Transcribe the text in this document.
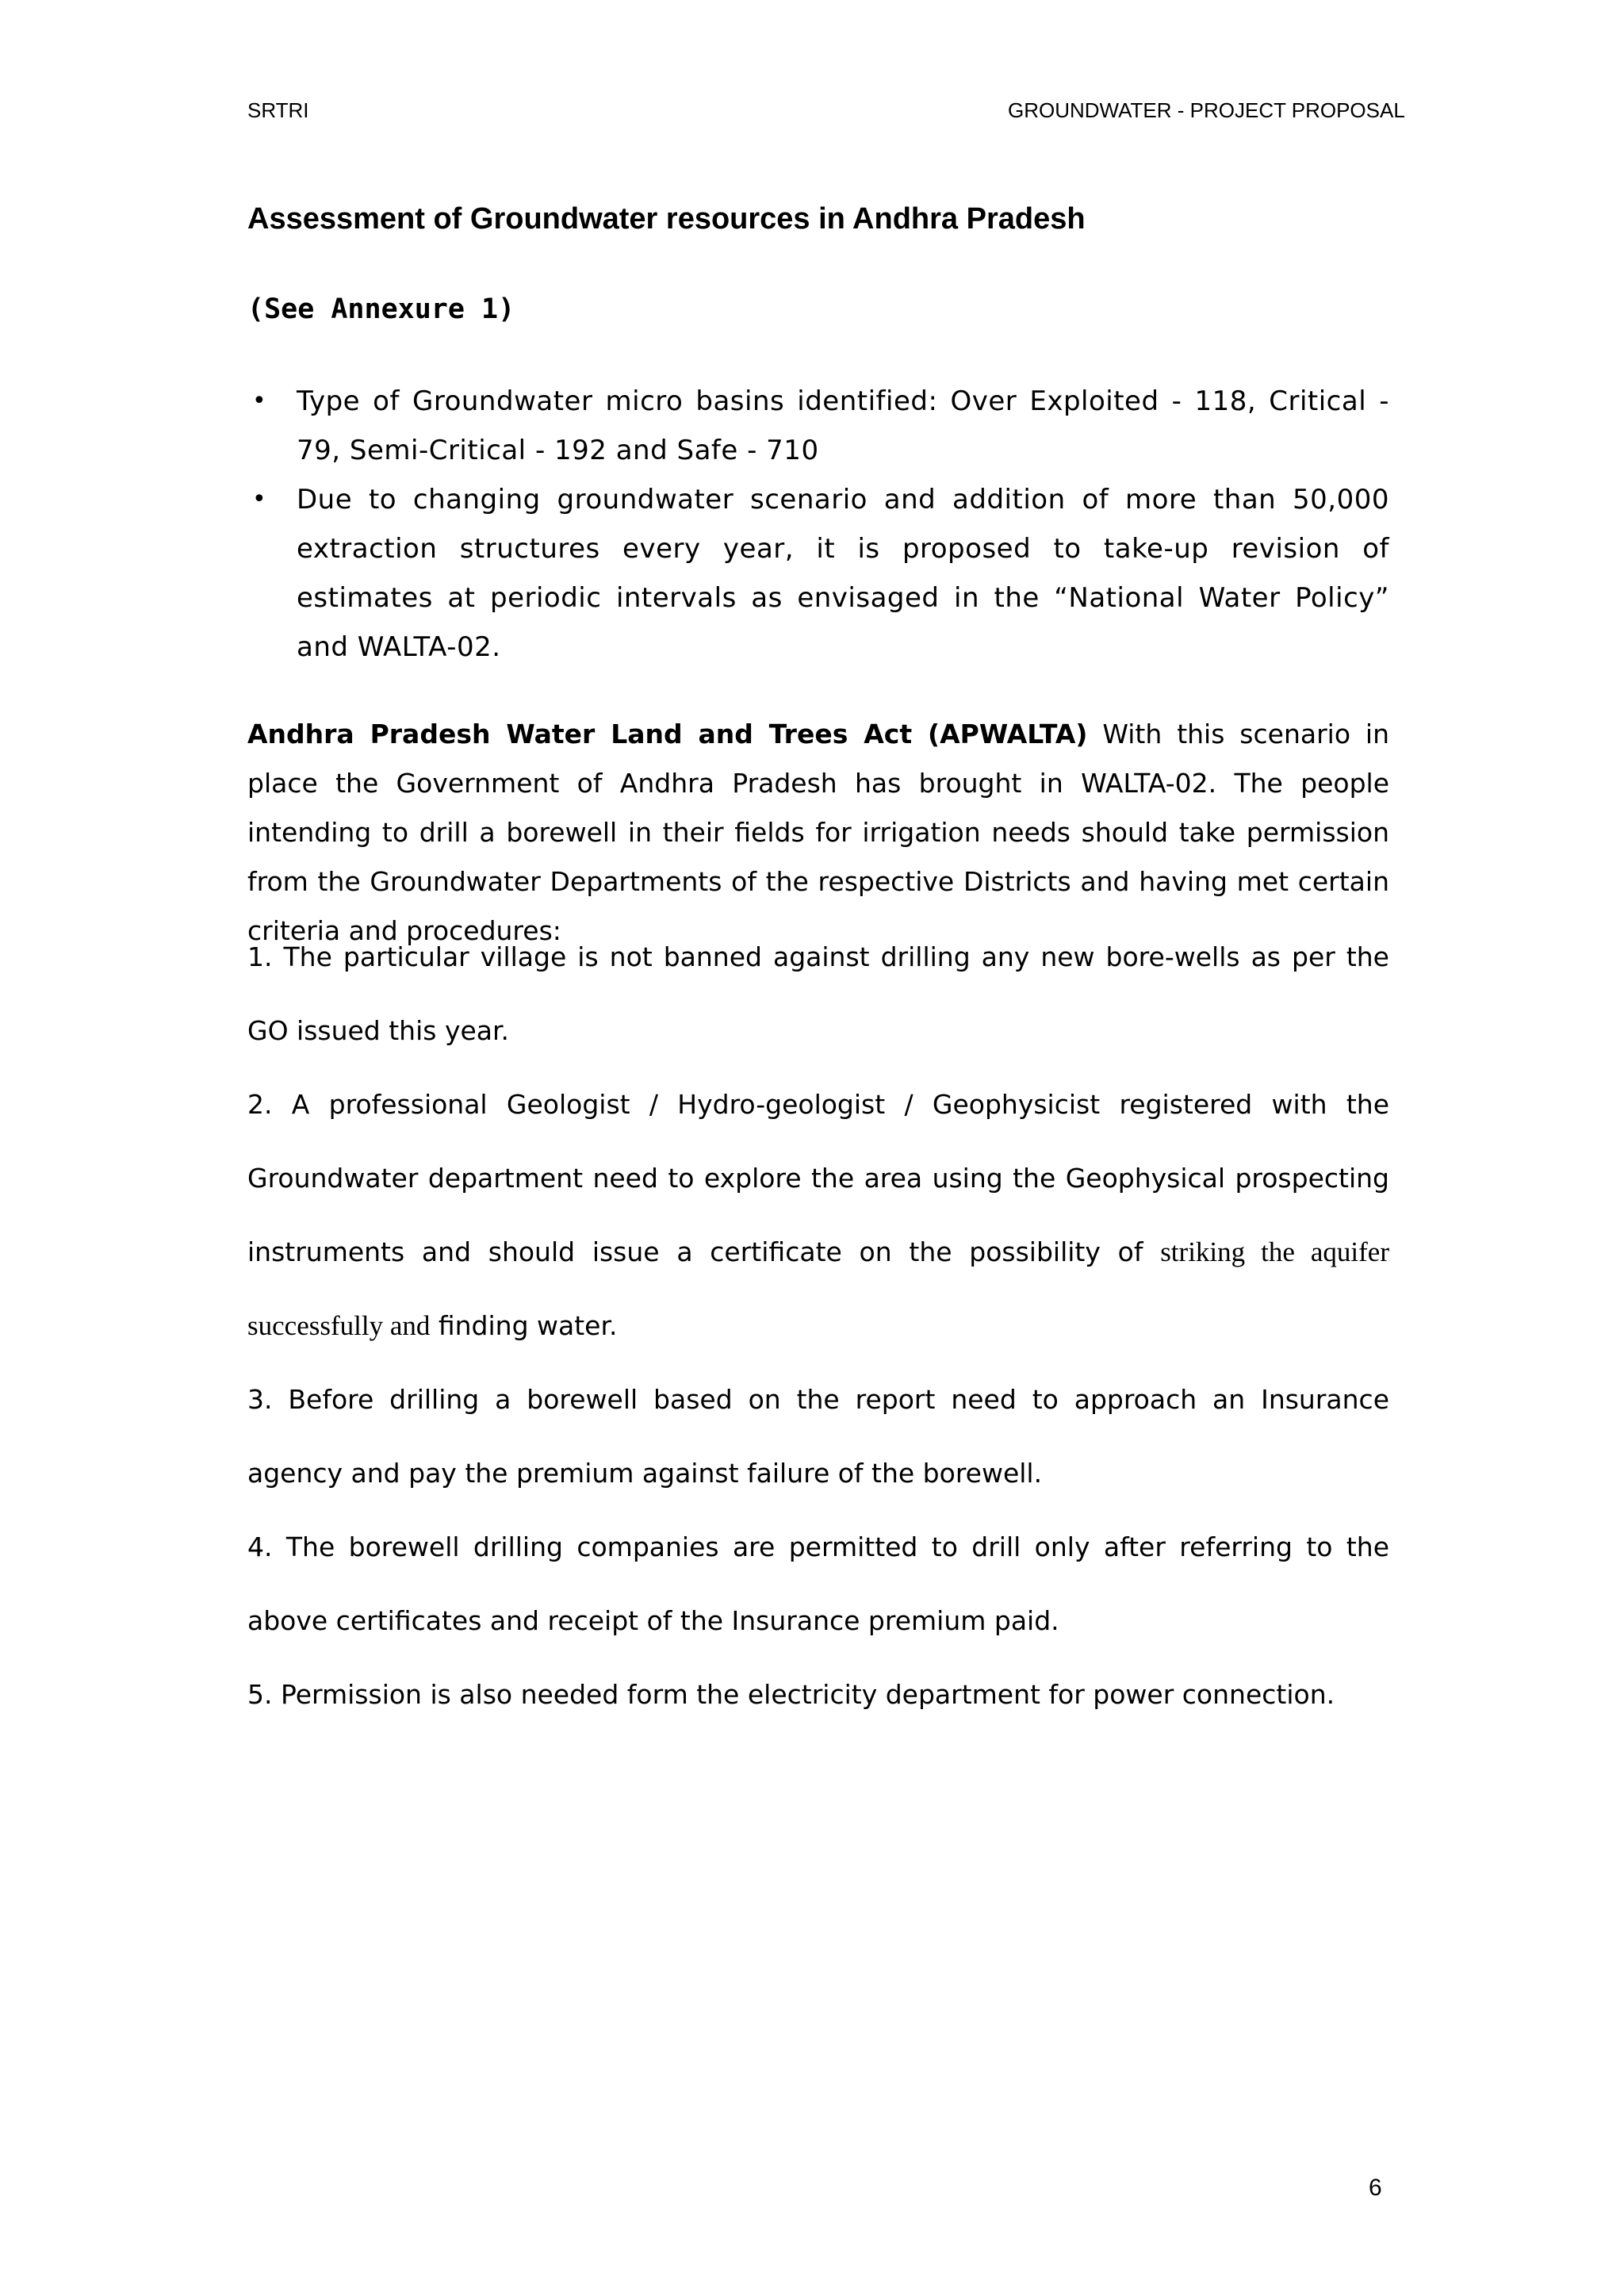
SRTRI	GROUNDWATER - PROJECT PROPOSAL
Assessment of Groundwater resources in Andhra Pradesh
(See Annexure 1)
• Type of Groundwater micro basins identified: Over Exploited - 118, Critical - 79, Semi-Critical - 192 and Safe - 710
• Due to changing groundwater scenario and addition of more than 50,000 extraction structures every year, it is proposed to take-up revision of estimates at periodic intervals as envisaged in the “National Water Policy” and WALTA-02.

Andhra Pradesh Water Land and Trees Act (APWALTA) With this scenario in place the Government of Andhra Pradesh has brought in WALTA-02. The people intending to drill a borewell in their fields for irrigation needs should take permission from the Groundwater Departments of the respective Districts and having met certain criteria and procedures:

1. The particular village is not banned against drilling any new bore-wells as per the GO issued this year.
2. A professional Geologist / Hydro-geologist / Geophysicist registered with the Groundwater department need to explore the area using the Geophysical prospecting instruments and should issue a certificate on the possibility of striking the aquifer successfully and finding water.
3. Before drilling a borewell based on the report need to approach an Insurance agency and pay the premium against failure of the borewell.
4. The borewell drilling companies are permitted to drill only after referring to the above certificates and receipt of the Insurance premium paid.
5. Permission is also needed form the electricity department for power connection.
6
